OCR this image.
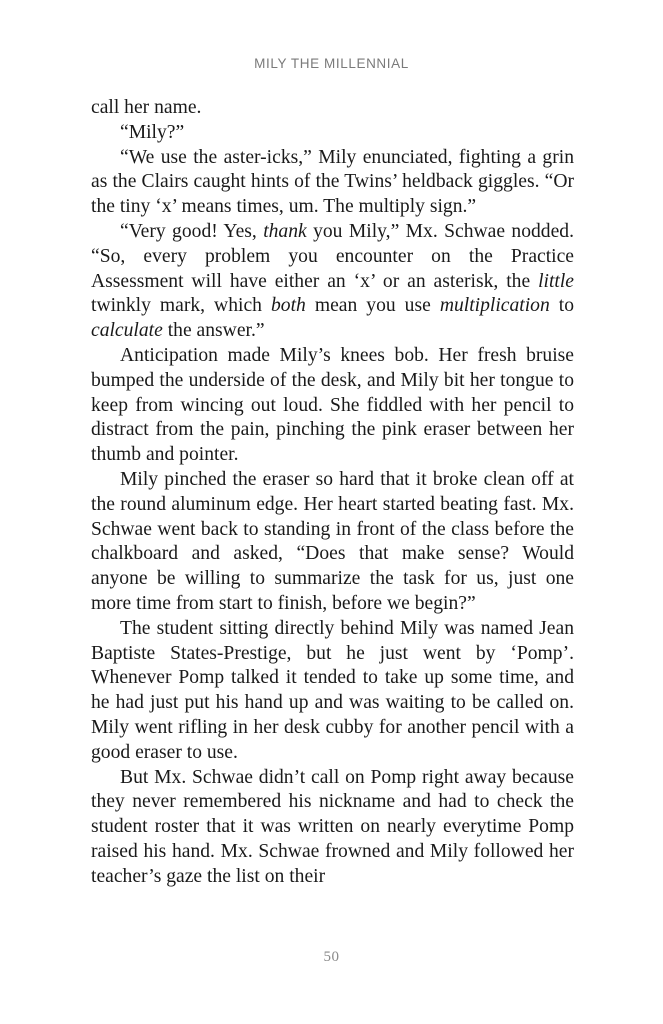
MILY THE MILLENNIAL

call her name.

“Mily?”

“We use the aster-icks,” Mily enunciated, fighting a grin as the Clairs caught hints of the Twins’ heldback giggles. “Or the tiny ‘x’ means times, um. The multiply sign.”

“Very good! Yes, thank you Mily,” Mx. Schwae nodded. “So, every problem you encounter on the Practice Assessment will have either an ‘x’ or an asterisk, the little twinkly mark, which both mean you use multiplication to calculate the answer.”

Anticipation made Mily’s knees bob. Her fresh bruise bumped the underside of the desk, and Mily bit her tongue to keep from wincing out loud. She fiddled with her pencil to distract from the pain, pinching the pink eraser between her thumb and pointer.

Mily pinched the eraser so hard that it broke clean off at the round aluminum edge. Her heart started beating fast. Mx. Schwae went back to standing in front of the class before the chalkboard and asked, “Does that make sense? Would anyone be willing to summarize the task for us, just one more time from start to finish, before we begin?”

The student sitting directly behind Mily was named Jean Baptiste States-Prestige, but he just went by ‘Pomp’. Whenever Pomp talked it tended to take up some time, and he had just put his hand up and was waiting to be called on. Mily went rifling in her desk cubby for another pencil with a good eraser to use.

But Mx. Schwae didn’t call on Pomp right away because they never remembered his nickname and had to check the student roster that it was written on nearly everytime Pomp raised his hand. Mx. Schwae frowned and Mily followed her teacher’s gaze the list on their

50
